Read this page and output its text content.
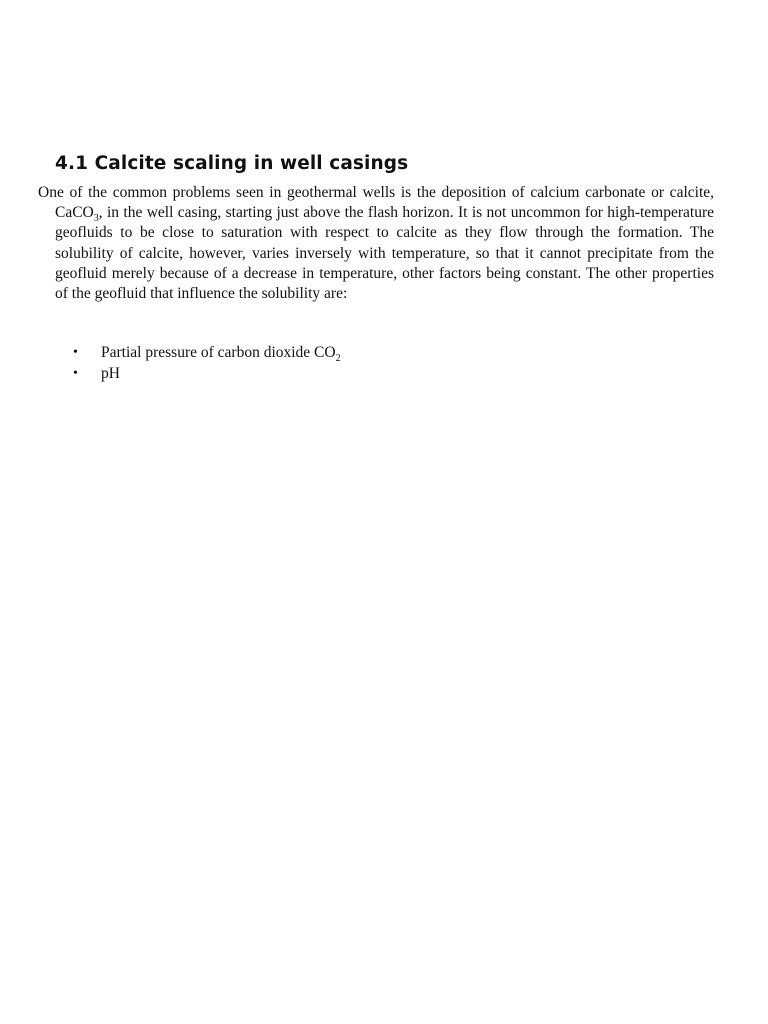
4.1 Calcite scaling in well casings

One of the common problems seen in geothermal wells is the deposition of calcium carbonate or calcite, CaCO$_3$, in the well casing, starting just above the flash horizon. It is not uncommon for high-temperature geofluids to be close to saturation with respect to calcite as they flow through the formation. The solubility of calcite, however, varies inversely with temperature, so that it cannot precipitate from the geofluid merely because of a decrease in temperature, other factors being constant. The other properties of the geofluid that influence the solubility are:

• Partial pressure of carbon dioxide $CO_2$
• pH
